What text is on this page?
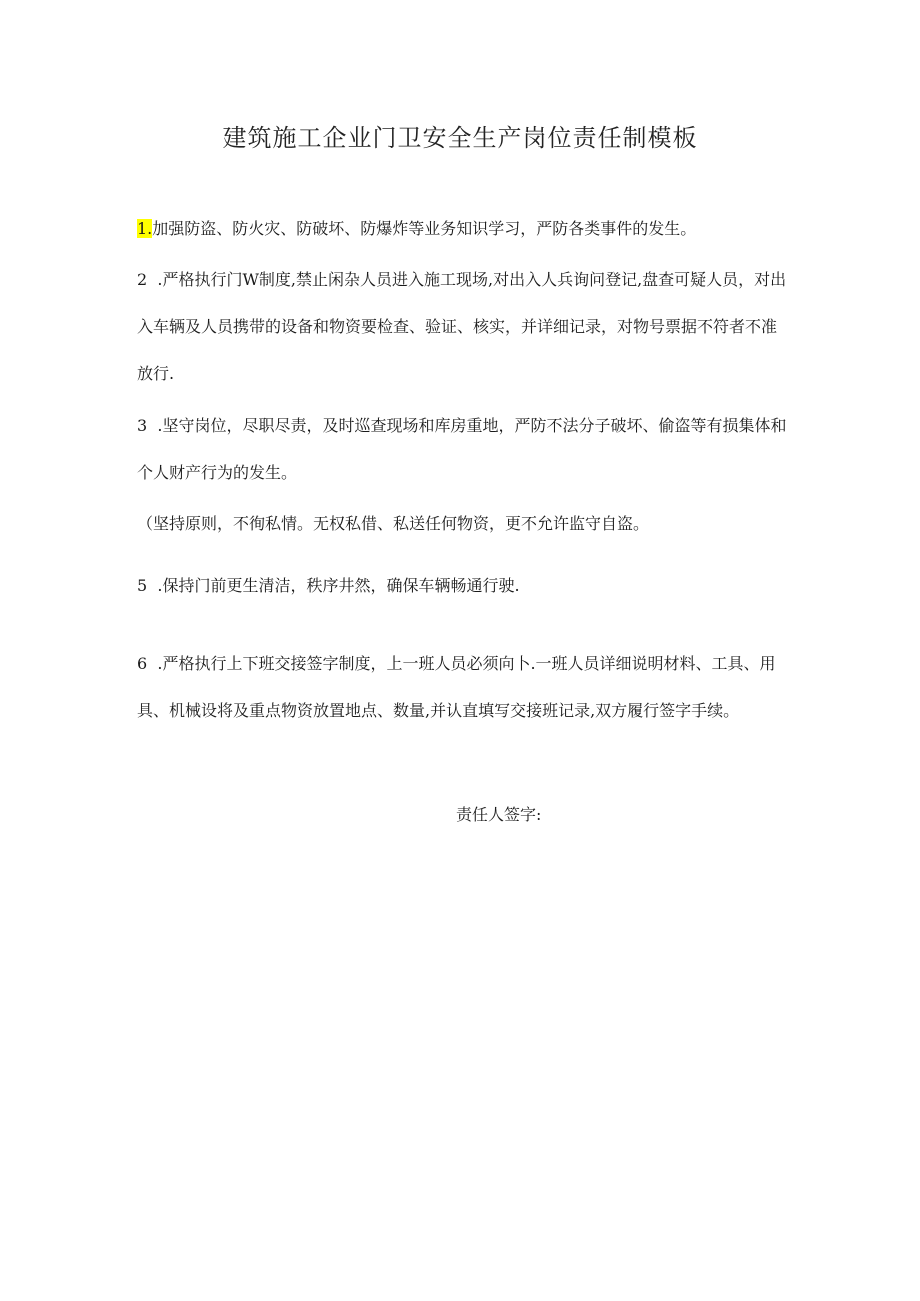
建筑施工企业门卫安全生产岗位责任制模板
1.加强防盗、防火灾、防破坏、防爆炸等业务知识学习，严防各类事件的发生。
2  .严格执行门W制度,禁止闲杂人员进入施工现场,对出入人兵询问登记,盘查可疑人员，对出入车辆及人员携带的设备和物资要检查、验证、核实，并详细记录，对物号票据不符者不准放行.
3  .坚守岗位，尽职尽责，及时巡查现场和库房重地，严防不法分子破坏、偷盗等有损集体和个人财产行为的发生。
（坚持原则，不徇私情。无权私借、私送任何物资，更不允许监守自盗。
5  .保持门前更生清洁，秩序井然，确保车辆畅通行驶.
6  .严格执行上下班交接签字制度，上一班人员必须向卜.一班人员详细说明材料、工具、用具、机械设将及重点物资放置地点、数量,并认直填写交接班记录,双方履行签字手续。
责任人签字:
